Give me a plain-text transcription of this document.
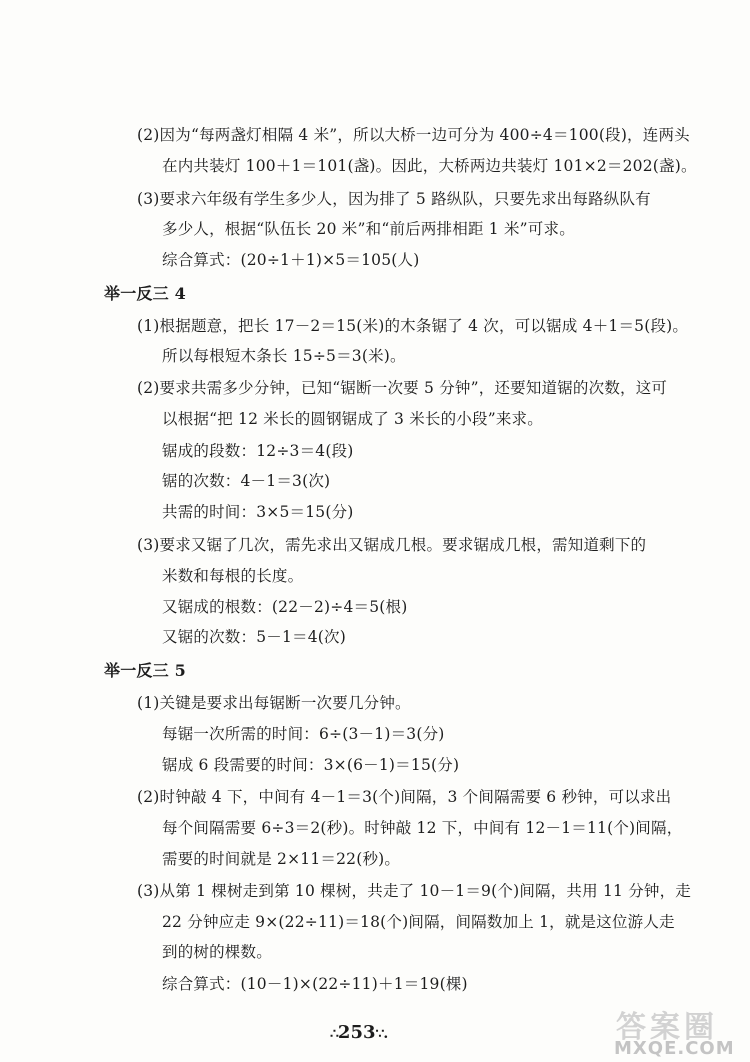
(2)因为“每两盏灯相隔 4 米”，所以大桥一边可分为 400÷4＝100(段)，连两头
在内共装灯 100＋1＝101(盏)。因此，大桥两边共装灯 101×2＝202(盏)。
(3)要求六年级有学生多少人，因为排了 5 路纵队，只要先求出每路纵队有
多少人，根据“队伍长 20 米”和“前后两排相距 1 米”可求。
综合算式：(20÷1＋1)×5＝105(人)
举一反三 4
(1)根据题意，把长 17－2＝15(米)的木条锯了 4 次，可以锯成 4＋1＝5(段)。
所以每根短木条长 15÷5＝3(米)。
(2)要求共需多少分钟，已知“锯断一次要 5 分钟”，还要知道锯的次数，这可
以根据“把 12 米长的圆钢锯成了 3 米长的小段”来求。
锯成的段数：12÷3＝4(段)
锯的次数：4－1＝3(次)
共需的时间：3×5＝15(分)
(3)要求又锯了几次，需先求出又锯成几根。要求锯成几根，需知道剩下的
米数和每根的长度。
又锯成的根数：(22－2)÷4＝5(根)
又锯的次数：5－1＝4(次)
举一反三 5
(1)关键是要求出每锯断一次要几分钟。
每锯一次所需的时间：6÷(3－1)＝3(分)
锯成 6 段需要的时间：3×(6－1)＝15(分)
(2)时钟敲 4 下，中间有 4－1＝3(个)间隔，3 个间隔需要 6 秒钟，可以求出
每个间隔需要 6÷3＝2(秒)。时钟敲 12 下，中间有 12－1＝11(个)间隔，
需要的时间就是 2×11＝22(秒)。
(3)从第 1 棵树走到第 10 棵树，共走了 10－1＝9(个)间隔，共用 11 分钟，走
22 分钟应走 9×(22÷11)＝18(个)间隔，间隔数加上 1，就是这位游人走
到的树的棵数。
综合算式：(10－1)×(22÷11)＋1＝19(棵)
∴253∵.	答案圈
MXQE.COM
